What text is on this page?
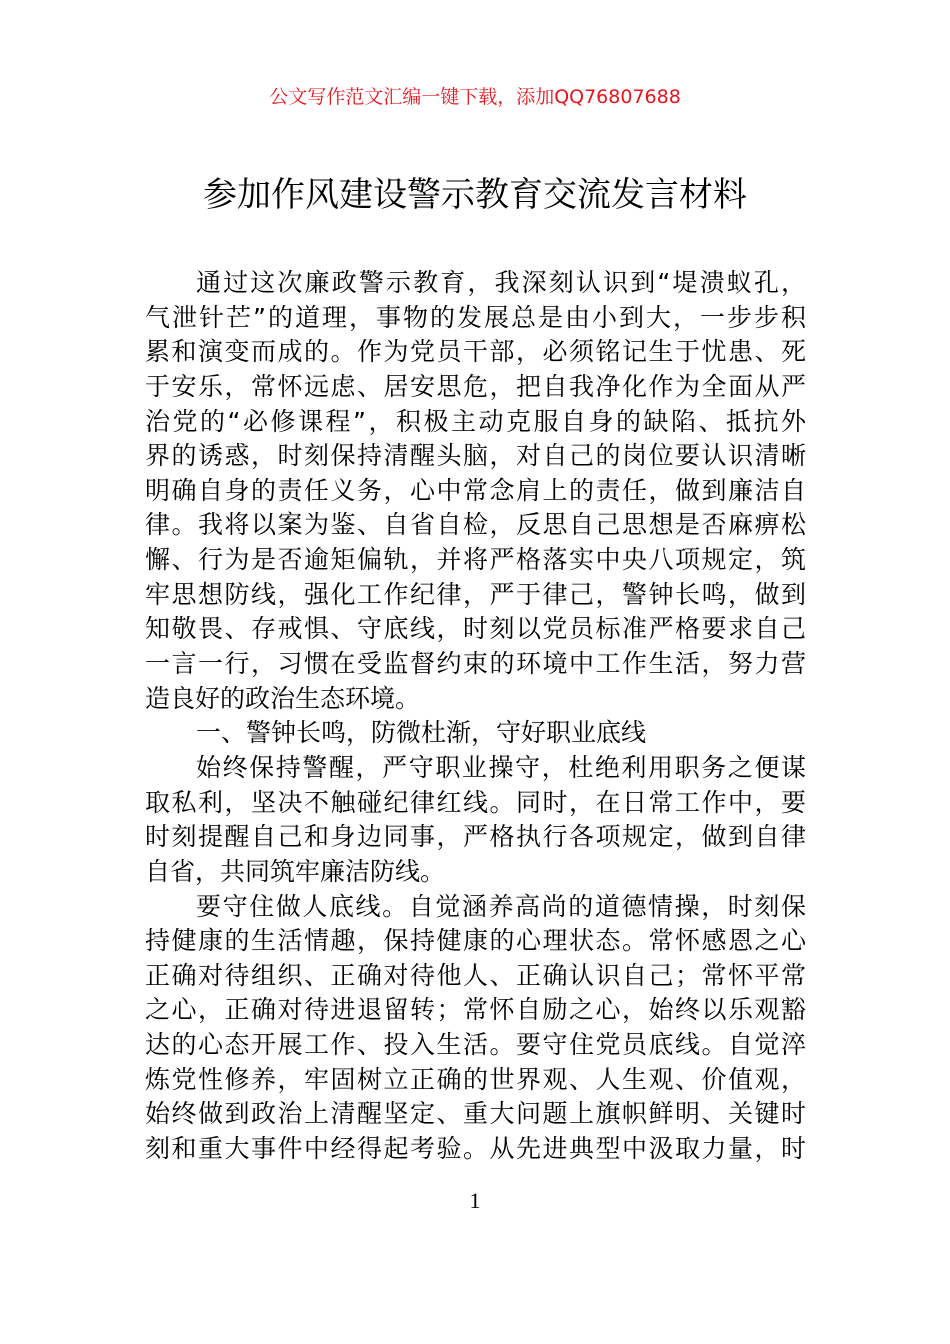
公文写作范文汇编一键下载，添加QQ76807688
参加作风建设警示教育交流发言材料
通过这次廉政警示教育，我深刻认识到“堤溃蚁孔，
气泄针芒”的道理，事物的发展总是由小到大，一步步积
累和演变而成的。作为党员干部，必须铭记生于忧患、死
于安乐，常怀远虑、居安思危，把自我净化作为全面从严
治党的“必修课程”，积极主动克服自身的缺陷、抵抗外
界的诱惑，时刻保持清醒头脑，对自己的岗位要认识清晰
明确自身的责任义务，心中常念肩上的责任，做到廉洁自
律。我将以案为鉴、自省自检，反思自己思想是否麻痹松
懈、行为是否逾矩偏轨，并将严格落实中央八项规定，筑
牢思想防线，强化工作纪律，严于律己，警钟长鸣，做到
知敬畏、存戒惧、守底线，时刻以党员标准严格要求自己
一言一行，习惯在受监督约束的环境中工作生活，努力营
造良好的政治生态环境。
一、警钟长鸣，防微杜渐，守好职业底线
始终保持警醒，严守职业操守，杜绝利用职务之便谋
取私利，坚决不触碰纪律红线。同时，在日常工作中，要
时刻提醒自己和身边同事，严格执行各项规定，做到自律
自省，共同筑牢廉洁防线。
要守住做人底线。自觉涵养高尚的道德情操，时刻保
持健康的生活情趣，保持健康的心理状态。常怀感恩之心
正确对待组织、正确对待他人、正确认识自己；常怀平常
之心，正确对待进退留转；常怀自励之心，始终以乐观豁
达的心态开展工作、投入生活。要守住党员底线。自觉淬
炼党性修养，牢固树立正确的世界观、人生观、价值观，
始终做到政治上清醒坚定、重大问题上旗帜鲜明、关键时
刻和重大事件中经得起考验。从先进典型中汲取力量，时
1
